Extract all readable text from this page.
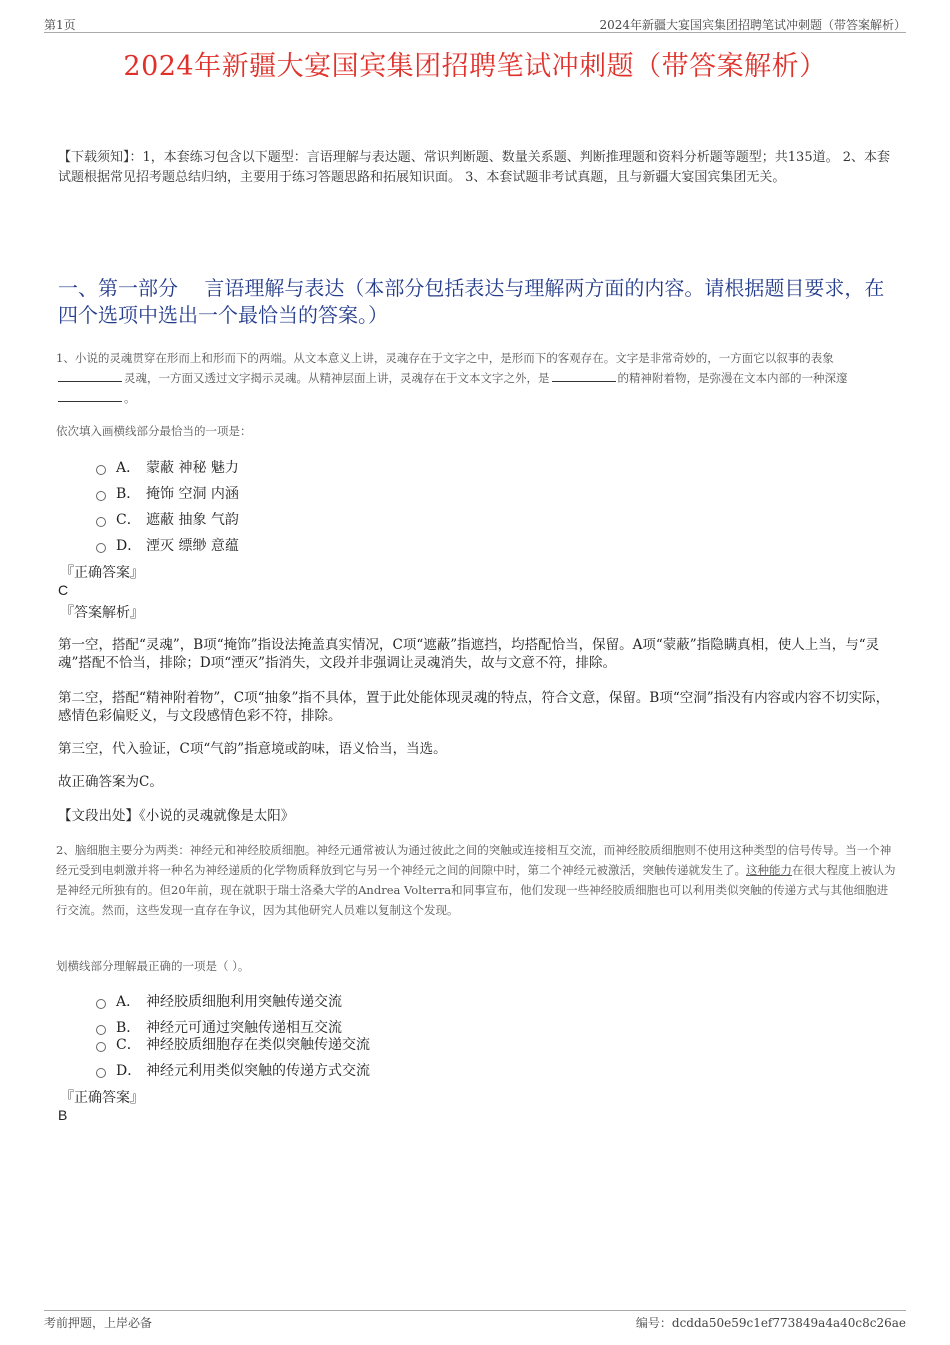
第1页	2024年新疆大宴国宾集团招聘笔试冲刺题（带答案解析）
2024年新疆大宴国宾集团招聘笔试冲刺题（带答案解析）
【下载须知】：1，本套练习包含以下题型：言语理解与表达题、常识判断题、数量关系题、判断推理题和资料分析题等题型；共135道。 2、本套试题根据常见招考题总结归纳，主要用于练习答题思路和拓展知识面。 3、本套试题非考试真题，且与新疆大宴国宾集团无关。
一、第一部分　 言语理解与表达（本部分包括表达与理解两方面的内容。请根据题目要求，在四个选项中选出一个最恰当的答案。）
1、小说的灵魂贯穿在形而上和形而下的两端。从文本意义上讲，灵魂存在于文字之中，是形而下的客观存在。文字是非常奇妙的，一方面它以叙事的表象灵魂，一方面又透过文字揭示灵魂。从精神层面上讲，灵魂存在于文本文字之外，是	的精神附着物，是弥漫在文本内部的一种深邃。
依次填入画横线部分最恰当的一项是：
A． 蒙蔽 神秘 魅力
B． 掩饰 空洞 内涵
C． 遮蔽 抽象 气韵
D． 湮灭 缥缈 意蕴
『正确答案』
C
『答案解析』
第一空，搭配“灵魂”，B项“掩饰”指设法掩盖真实情况，C项“遮蔽”指遮挡，均搭配恰当，保留。A项“蒙蔽”指隐瞒真相，使人上当，与“灵魂”搭配不恰当，排除；D项“湮灭”指消失，文段并非强调让灵魂消失，故与文意不符，排除。
第二空，搭配“精神附着物”，C项“抽象”指不具体，置于此处能体现灵魂的特点，符合文意，保留。B项“空洞”指没有内容或内容不切实际，感情色彩偏贬义，与文段感情色彩不符，排除。
第三空，代入验证，C项“气韵”指意境或韵味，语义恰当，当选。
故正确答案为C。
【文段出处】《小说的灵魂就像是太阳》
2、脑细胞主要分为两类：神经元和神经胶质细胞。神经元通常被认为通过彼此之间的突触或连接相互交流，而神经胶质细胞则不使用这种类型的信号传导。当一个神经元受到电刺激并将一种名为神经递质的化学物质释放到它与另一个神经元之间的间隙中时，第二个神经元被激活，突触传递就发生了。这种能力在很大程度上被认为是神经元所独有的。但20年前，现在就职于瑞士洛桑大学的Andrea Volterra和同事宣布，他们发现一些神经胶质细胞也可以利用类似突触的传递方式与其他细胞进行交流。然而，这些发现一直存在争议，因为其他研究人员难以复制这个发现。
划横线部分理解最正确的一项是（ ）。
A． 神经胶质细胞利用突触传递交流
B． 神经元可通过突触传递相互交流
C． 神经胶质细胞存在类似突触传递交流
D． 神经元利用类似突触的传递方式交流
『正确答案』
B
考前押题，上岸必备	编号：dcdda50e59c1ef773849a4a40c8c26ae
